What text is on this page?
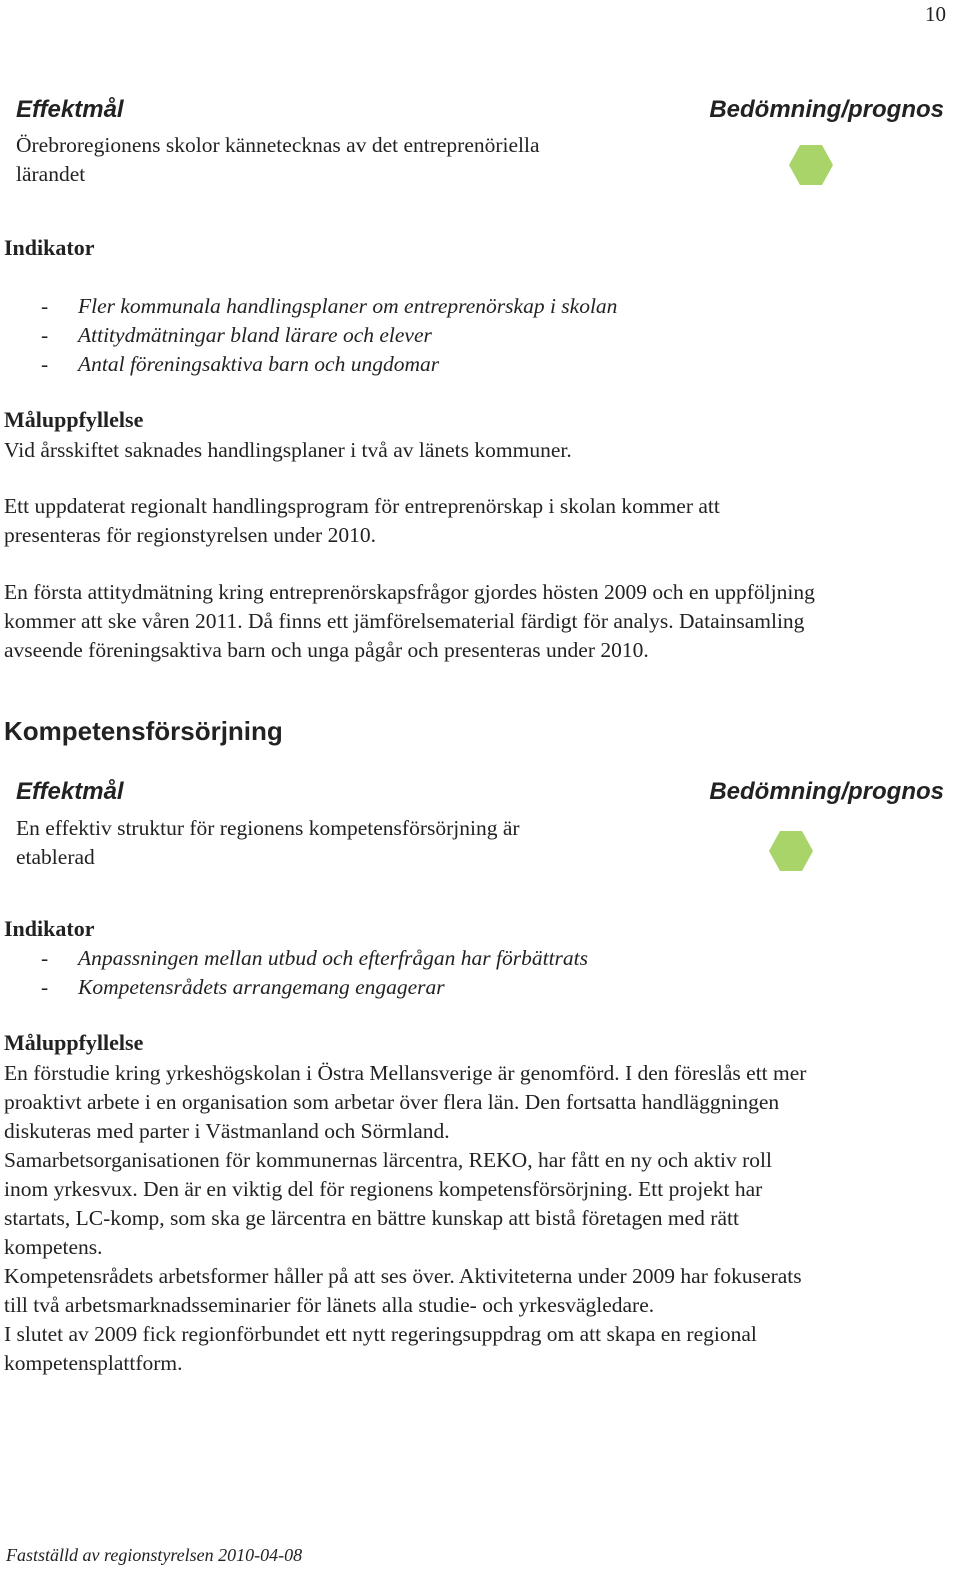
10
Effektmål	Bedömning/prognos

Örebroregionens skolor kännetecknas av det entreprenöriella

lärandet

Indikator
- Fler kommunala handlingsplaner om entreprenörskap i skolan
- Attitydmätningar bland lärare och elever
- Antal föreningsaktiva barn och ungdomar
Måluppfyllelse
Vid årsskiftet saknades handlingsplaner i två av länets kommuner.

Ett uppdaterat regionalt handlingsprogram för entreprenörskap i skolan kommer att

presenteras för regionstyrelsen under 2010.

En första attitydmätning kring entreprenörskapsfrågor gjordes hösten 2009 och en uppföljning

kommer att ske våren 2011. Då finns ett jämförelsematerial färdigt för analys. Datainsamling

avseende föreningsaktiva barn och unga pågår och presenteras under 2010.

Kompetensförsörjning
Effektmål	Bedömning/prognos

En effektiv struktur för regionens kompetensförsörjning är

etablerad

Indikator
- Anpassningen mellan utbud och efterfrågan har förbättrats
- Kompetensrådets arrangemang engagerar
Måluppfyllelse

En förstudie kring yrkeshögskolan i Östra Mellansverige är genomförd. I den föreslås ett mer

proaktivt arbete i en organisation som arbetar över flera län. Den fortsatta handläggningen

diskuteras med parter i Västmanland och Sörmland.

Samarbetsorganisationen för kommunernas lärcentra, REKO, har fått en ny och aktiv roll

inom yrkesvux. Den är en viktig del för regionens kompetensförsörjning. Ett projekt har

startats, LC-komp, som ska ge lärcentra en bättre kunskap att bistå företagen med rätt

kompetens.

Kompetensrådets arbetsformer håller på att ses över. Aktiviteterna under 2009 har fokuserats

till två arbetsmarknadsseminarier för länets alla studie- och yrkesvägledare.

I slutet av 2009 fick regionförbundet ett nytt regeringsuppdrag om att skapa en regional

kompetensplattform.

Fastställd av regionstyrelsen 2010-04-08
